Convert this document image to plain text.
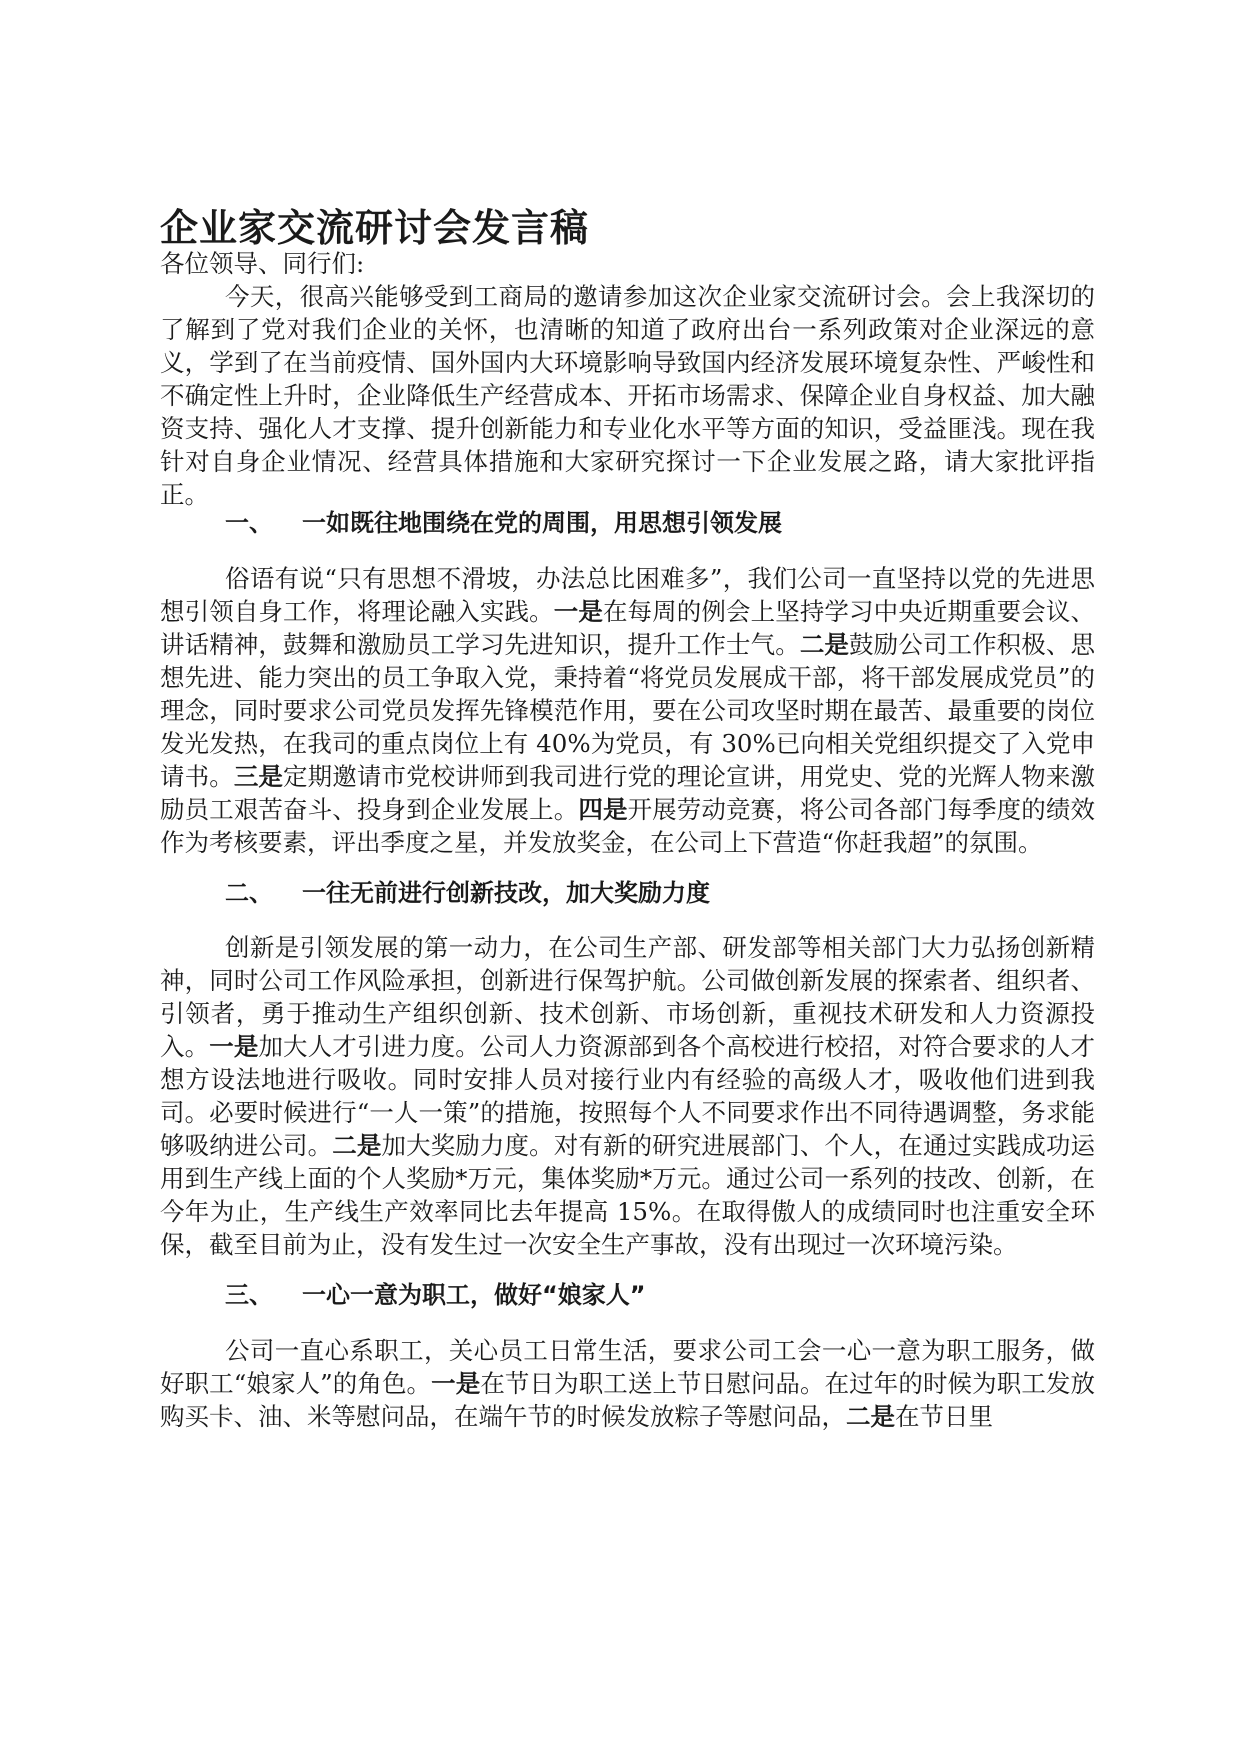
企业家交流研讨会发言稿

各位领导、同行们:

今天，很高兴能够受到工商局的邀请参加这次企业家交流研讨会。会上我深切的了解到了党对我们企业的关怀，也清晰的知道了政府出台一系列政策对企业深远的意义，学到了在当前疫情、国外国内大环境影响导致国内经济发展环境复杂性、严峻性和不确定性上升时，企业降低生产经营成本、开拓市场需求、保障企业自身权益、加大融资支持、强化人才支撑、提升创新能力和专业化水平等方面的知识，受益匪浅。现在我针对自身企业情况、经营具体措施和大家研究探讨一下企业发展之路，请大家批评指正。

一、 一如既往地围绕在党的周围，用思想引领发展

俗语有说“只有思想不滑坡，办法总比困难多”，我们公司一直坚持以党的先进思想引领自身工作，将理论融入实践。一是在每周的例会上坚持学习中央近期重要会议、讲话精神，鼓舞和激励员工学习先进知识，提升工作士气。二是鼓励公司工作积极、思想先进、能力突出的员工争取入党，秉持着“将党员发展成干部，将干部发展成党员”的理念，同时要求公司党员发挥先锋模范作用，要在公司攻坚时期在最苦、最重要的岗位发光发热，在我司的重点岗位上有 40%为党员，有 30%已向相关党组织提交了入党申请书。三是定期邀请市党校讲师到我司进行党的理论宣讲，用党史、党的光辉人物来激励员工艰苦奋斗、投身到企业发展上。四是开展劳动竞赛，将公司各部门每季度的绩效作为考核要素，评出季度之星，并发放奖金，在公司上下营造“你赶我超”的氛围。

二、 一往无前进行创新技改，加大奖励力度

创新是引领发展的第一动力，在公司生产部、研发部等相关部门大力弘扬创新精神，同时公司工作风险承担，创新进行保驾护航。公司做创新发展的探索者、组织者、引领者，勇于推动生产组织创新、技术创新、市场创新，重视技术研发和人力资源投入。一是加大人才引进力度。公司人力资源部到各个高校进行校招，对符合要求的人才想方设法地进行吸收。同时安排人员对接行业内有经验的高级人才，吸收他们进到我司。必要时候进行“一人一策”的措施，按照每个人不同要求作出不同待遇调整，务求能够吸纳进公司。二是加大奖励力度。对有新的研究进展部门、个人，在通过实践成功运用到生产线上面的个人奖励*万元，集体奖励*万元。通过公司一系列的技改、创新，在今年为止，生产线生产效率同比去年提高 15%。在取得傲人的成绩同时也注重安全环保，截至目前为止，没有发生过一次安全生产事故，没有出现过一次环境污染。

三、 一心一意为职工，做好“娘家人”

公司一直心系职工，关心员工日常生活，要求公司工会一心一意为职工服务，做好职工“娘家人”的角色。一是在节日为职工送上节日慰问品。在过年的时候为职工发放购买卡、油、米等慰问品，在端午节的时候发放粽子等慰问品，二是在节日里
